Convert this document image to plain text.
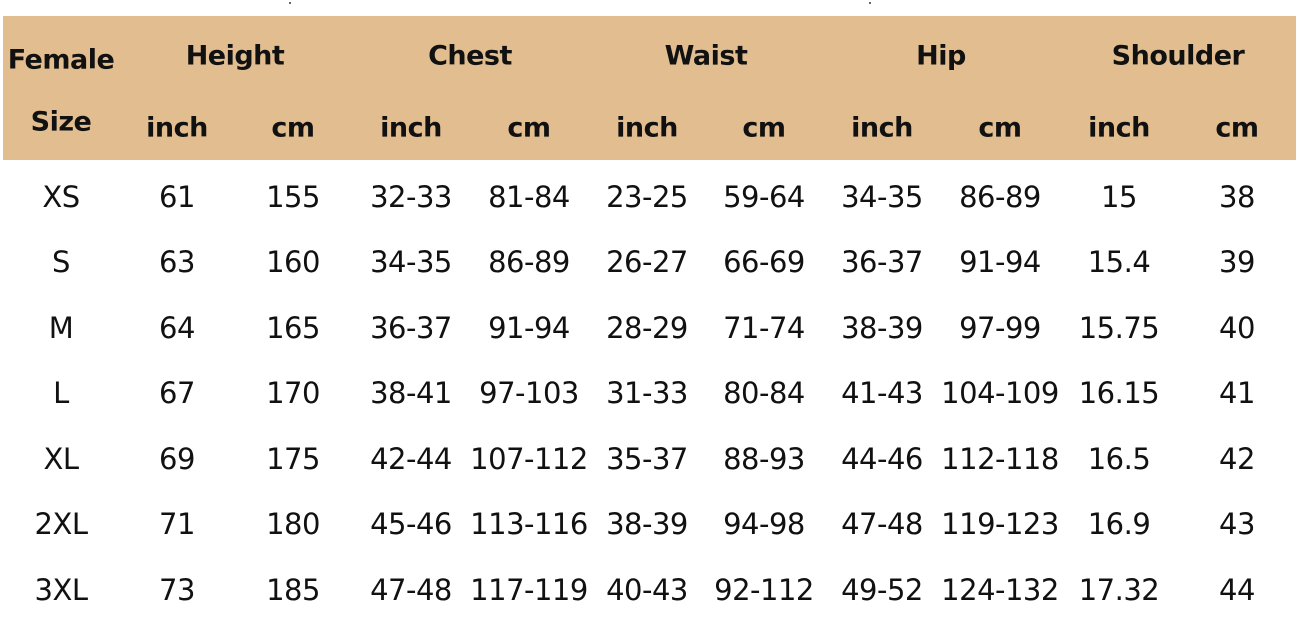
Female
Size
Height	Chest	Waist	Hip	Shoulder
inch cm inch cm inch cm inch cm inch cm
XS	61 155 32-33 81-84 23-25 59-64 34-35 86-89 15	38
S	63 160 34-35 86-89 26-27 66-69 36-37 91-94 15.4 39
M	64 165 36-37 91-94 28-29 71-74 38-39 97-99 15.75 40
L	67 170 38-41 97-103 31-33 80-84 41-43 104-109 16.15 41
XL	69 175 42-44 107-112 35-37 88-93 44-46 112-118 16.5 42
2XL 71 180 45-46 113-116 38-39 94-98 47-48 119-123 16.9 43
3XL 73 185 47-48 117-119 40-43 92-112 49-52 124-132 17.32 44
